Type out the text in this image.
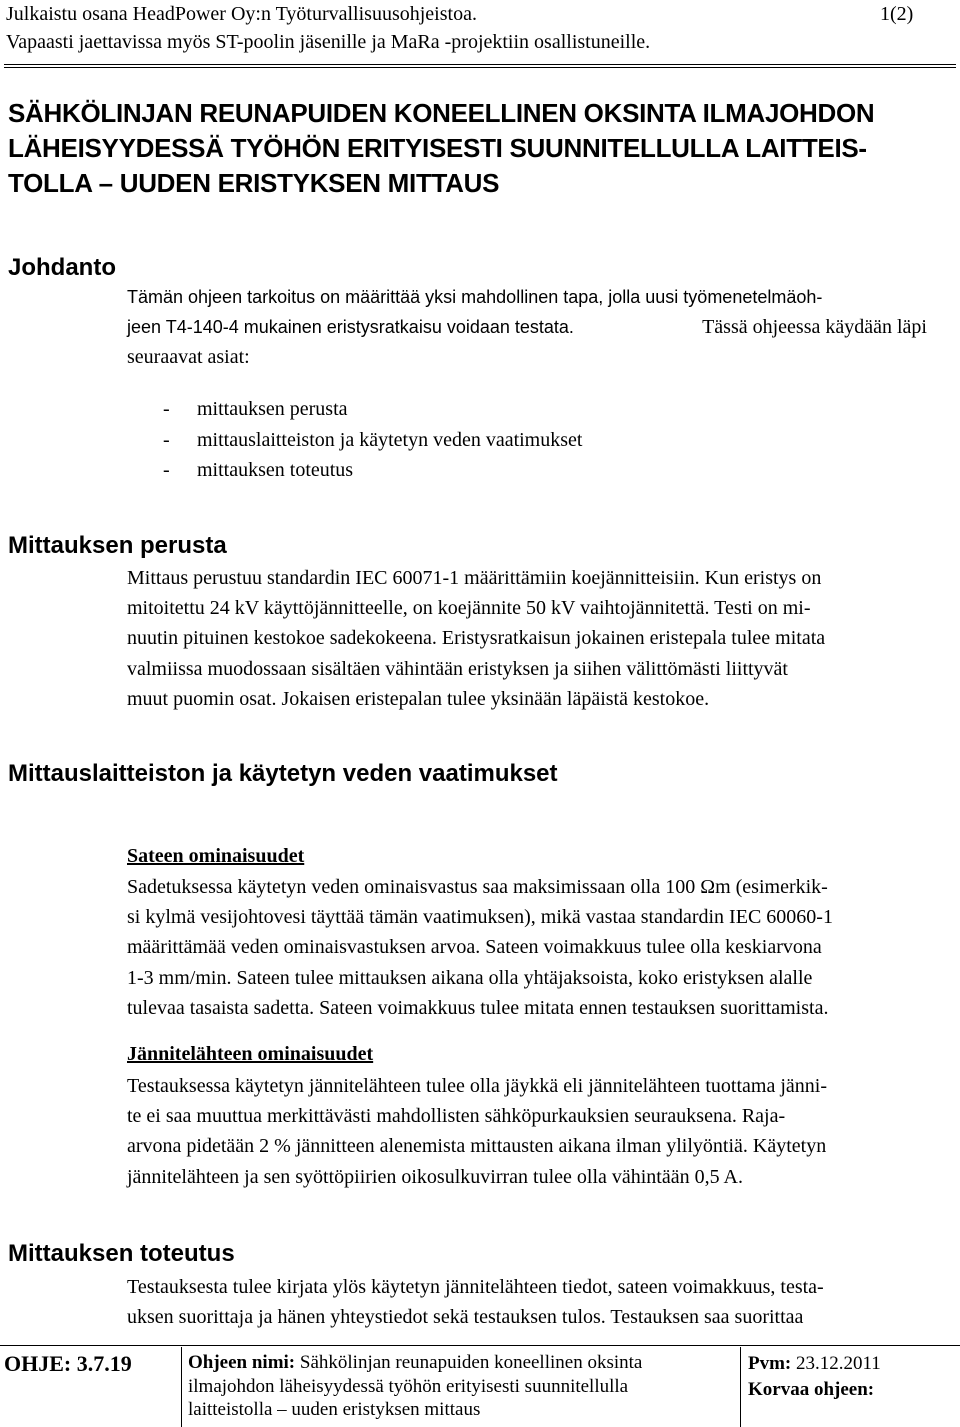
Julkaistu osana HeadPower Oy:n Työturvallisuusohjeistoa.	1(2)
Vapaasti jaettavissa myös ST-poolin jäsenille ja MaRa -projektiin osallistuneille.
SÄHKÖLINJAN REUNAPUIDEN KONEELLINEN OKSINTA ILMAJOHDON
LÄHEISYYDESSÄ TYÖHÖN ERITYISESTI SUUNNITELLULLA LAITTEIS-
TOLLA – UUDEN ERISTYKSEN MITTAUS
Johdanto
Tämän ohjeen tarkoitus on määrittää yksi mahdollinen tapa, jolla uusi työmenetelmäoh-
jeen T4-140-4 mukainen eristysratkaisu voidaan testata.	Tässä ohjeessa käydään läpi
seuraavat asiat:
- mittauksen perusta
- mittauslaitteiston ja käytetyn veden vaatimukset
- mittauksen toteutus
Mittauksen perusta
Mittaus perustuu standardin IEC 60071-1 määrittämiin koejännitteisiin. Kun eristys on
mitoitettu 24 kV käyttöjännitteelle, on koejännite 50 kV vaihtojännitettä. Testi on mi-
nuutin pituinen kestokoe sadekokeena. Eristysratkaisun jokainen eristepala tulee mitata
valmiissa muodossaan sisältäen vähintään eristyksen ja siihen välittömästi liittyvät
muut puomin osat. Jokaisen eristepalan tulee yksinään läpäistä kestokoe.
Mittauslaitteiston ja käytetyn veden vaatimukset
Sateen ominaisuudet
Sadetuksessa käytetyn veden ominaisvastus saa maksimissaan olla 100 Ωm (esimerkik-
si kylmä vesijohtovesi täyttää tämän vaatimuksen), mikä vastaa standardin IEC 60060-1
määrittämää veden ominaisvastuksen arvoa. Sateen voimakkuus tulee olla keskiarvona
1-3 mm/min. Sateen tulee mittauksen aikana olla yhtäjaksoista, koko eristyksen alalle
tulevaa tasaista sadetta. Sateen voimakkuus tulee mitata ennen testauksen suorittamista.
Jännitelähteen ominaisuudet
Testauksessa käytetyn jännitelähteen tulee olla jäykkä eli jännitelähteen tuottama jänni-
te ei saa muuttua merkittävästi mahdollisten sähköpurkauksien seurauksena. Raja-
arvona pidetään 2 % jännitteen alenemista mittausten aikana ilman ylilyöntiä. Käytetyn
jännitelähteen ja sen syöttöpiirien oikosulkuvirran tulee olla vähintään 0,5 A.
Mittauksen toteutus
Testauksesta tulee kirjata ylös käytetyn jännitelähteen tiedot, sateen voimakkuus, testa-
uksen suorittaja ja hänen yhteystiedot sekä testauksen tulos. Testauksen saa suorittaa
OHJE: 3.7.19	Ohjeen nimi: Sähkölinjan reunapuiden koneellinen oksinta
ilmajohdon läheisyydessä työhön erityisesti suunnitellulla
laitteistolla – uuden eristyksen mittaus
Pvm: 23.12.2011
Korvaa ohjeen:
